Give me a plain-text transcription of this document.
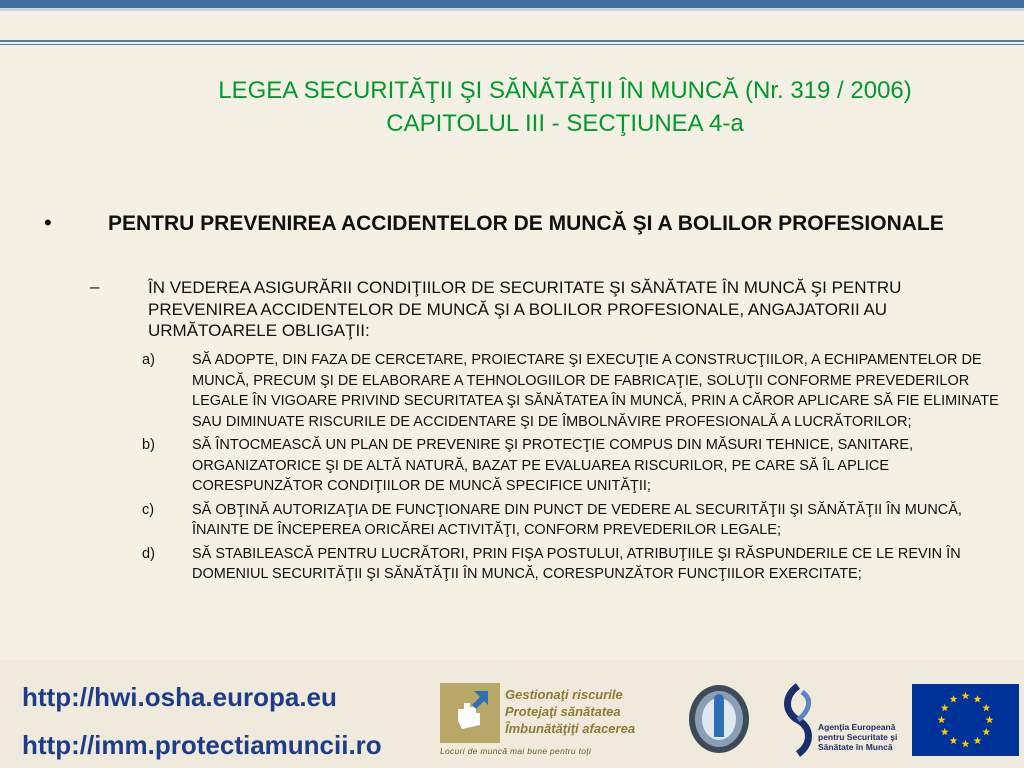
LEGEA SECURITĂŢII ŞI SĂNĂTĂŢII ÎN MUNCĂ (Nr. 319 / 2006)
CAPITOLUL III - SECŢIUNEA 4-a
•	PENTRU PREVENIREA ACCIDENTELOR DE MUNCĂ ŞI A BOLILOR PROFESIONALE
–	ÎN VEDEREA ASIGURĂRII CONDIŢIILOR DE SECURITATE ŞI SĂNĂTATE ÎN MUNCĂ ŞI PENTRU PREVENIREA ACCIDENTELOR DE MUNCĂ ŞI A BOLILOR PROFESIONALE, ANGAJATORII AU URMĂTOARELE OBLIGAŢII:
a)	SĂ ADOPTE, DIN FAZA DE CERCETARE, PROIECTARE ŞI EXECUŢIE A CONSTRUCŢIILOR, A ECHIPAMENTELOR DE MUNCĂ, PRECUM ŞI DE ELABORARE A TEHNOLOGIILOR DE FABRICAŢIE, SOLUŢII CONFORME PREVEDERILOR LEGALE ÎN VIGOARE PRIVIND SECURITATEA ŞI SĂNĂTATEA ÎN MUNCĂ, PRIN A CĂROR APLICARE SĂ FIE ELIMINATE SAU DIMINUATE RISCURILE DE ACCIDENTARE ŞI DE ÎMBOLNĂVIRE PROFESIONALĂ A LUCRĂTORILOR;
b)	SĂ ÎNTOCMEASCĂ UN PLAN DE PREVENIRE ŞI PROTECŢIE COMPUS DIN MĂSURI TEHNICE, SANITARE, ORGANIZATORICE ŞI DE ALTĂ NATURĂ, BAZAT PE EVALUAREA RISCURILOR, PE CARE SĂ ÎL APLICE CORESPUNZĂTOR CONDIŢIILOR DE MUNCĂ SPECIFICE UNITĂŢII;
c)	SĂ OBŢINĂ AUTORIZAŢIA DE FUNCŢIONARE DIN PUNCT DE VEDERE AL SECURITĂŢII ŞI SĂNĂTĂŢII ÎN MUNCĂ, ÎNAINTE DE ÎNCEPEREA ORICĂREI ACTIVITĂŢI, CONFORM PREVEDERILOR LEGALE;
d)	SĂ STABILEASCĂ PENTRU LUCRĂTORI, PRIN FIŞA POSTULUI, ATRIBUŢIILE ŞI RĂSPUNDERILE CE LE REVIN ÎN DOMENIUL SECURITĂŢII ŞI SĂNĂTĂŢII ÎN MUNCĂ, CORESPUNZĂTOR FUNCŢIILOR EXERCITATE;
http://hwi.osha.europa.eu
http://imm.protectiamuncii.ro
Gestionaţi riscurile
Protejaţi sănătatea
Îmbunătăţiţi afacerea
Locuri de muncă mai bune pentru toţi
Agenţia Europeană
pentru Securitate şi
Sănătate în Muncă
